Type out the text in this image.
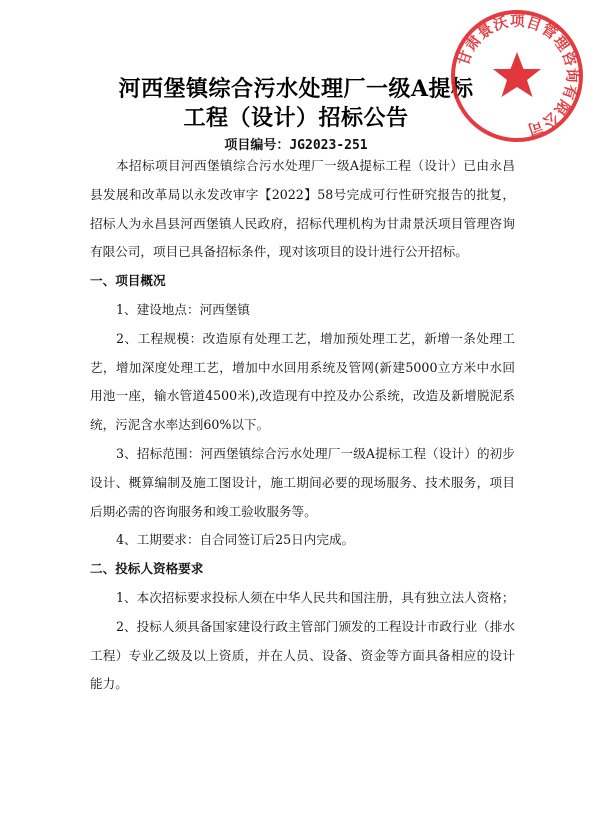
河西堡镇综合污水处理厂一级A提标
工程（设计）招标公告
项目编号：JG2023-251

本招标项目河西堡镇综合污水处理厂一级A提标工程（设计）已由永昌县发展和改革局以永发改审字【2022】58号完成可行性研究报告的批复，招标人为永昌县河西堡镇人民政府，招标代理机构为甘肃景沃项目管理咨询有限公司，项目已具备招标条件，现对该项目的设计进行公开招标。

一、项目概况

1、建设地点：河西堡镇

2、工程规模：改造原有处理工艺，增加预处理工艺，新增一条处理工艺，增加深度处理工艺，增加中水回用系统及管网(新建5000立方米中水回用池一座，输水管道4500米),改造现有中控及办公系统，改造及新增脱泥系统，污泥含水率达到60%以下。

3、招标范围：河西堡镇综合污水处理厂一级A提标工程（设计）的初步设计、概算编制及施工图设计，施工期间必要的现场服务、技术服务，项目后期必需的咨询服务和竣工验收服务等。

4、工期要求：自合同签订后25日内完成。

二、投标人资格要求

1、本次招标要求投标人须在中华人民共和国注册，具有独立法人资格；

2、投标人须具备国家建设行政主管部门颁发的工程设计市政行业（排水工程）专业乙级及以上资质，并在人员、设备、资金等方面具备相应的设计能力。

甘肃景沃项目管理咨询有限公司
